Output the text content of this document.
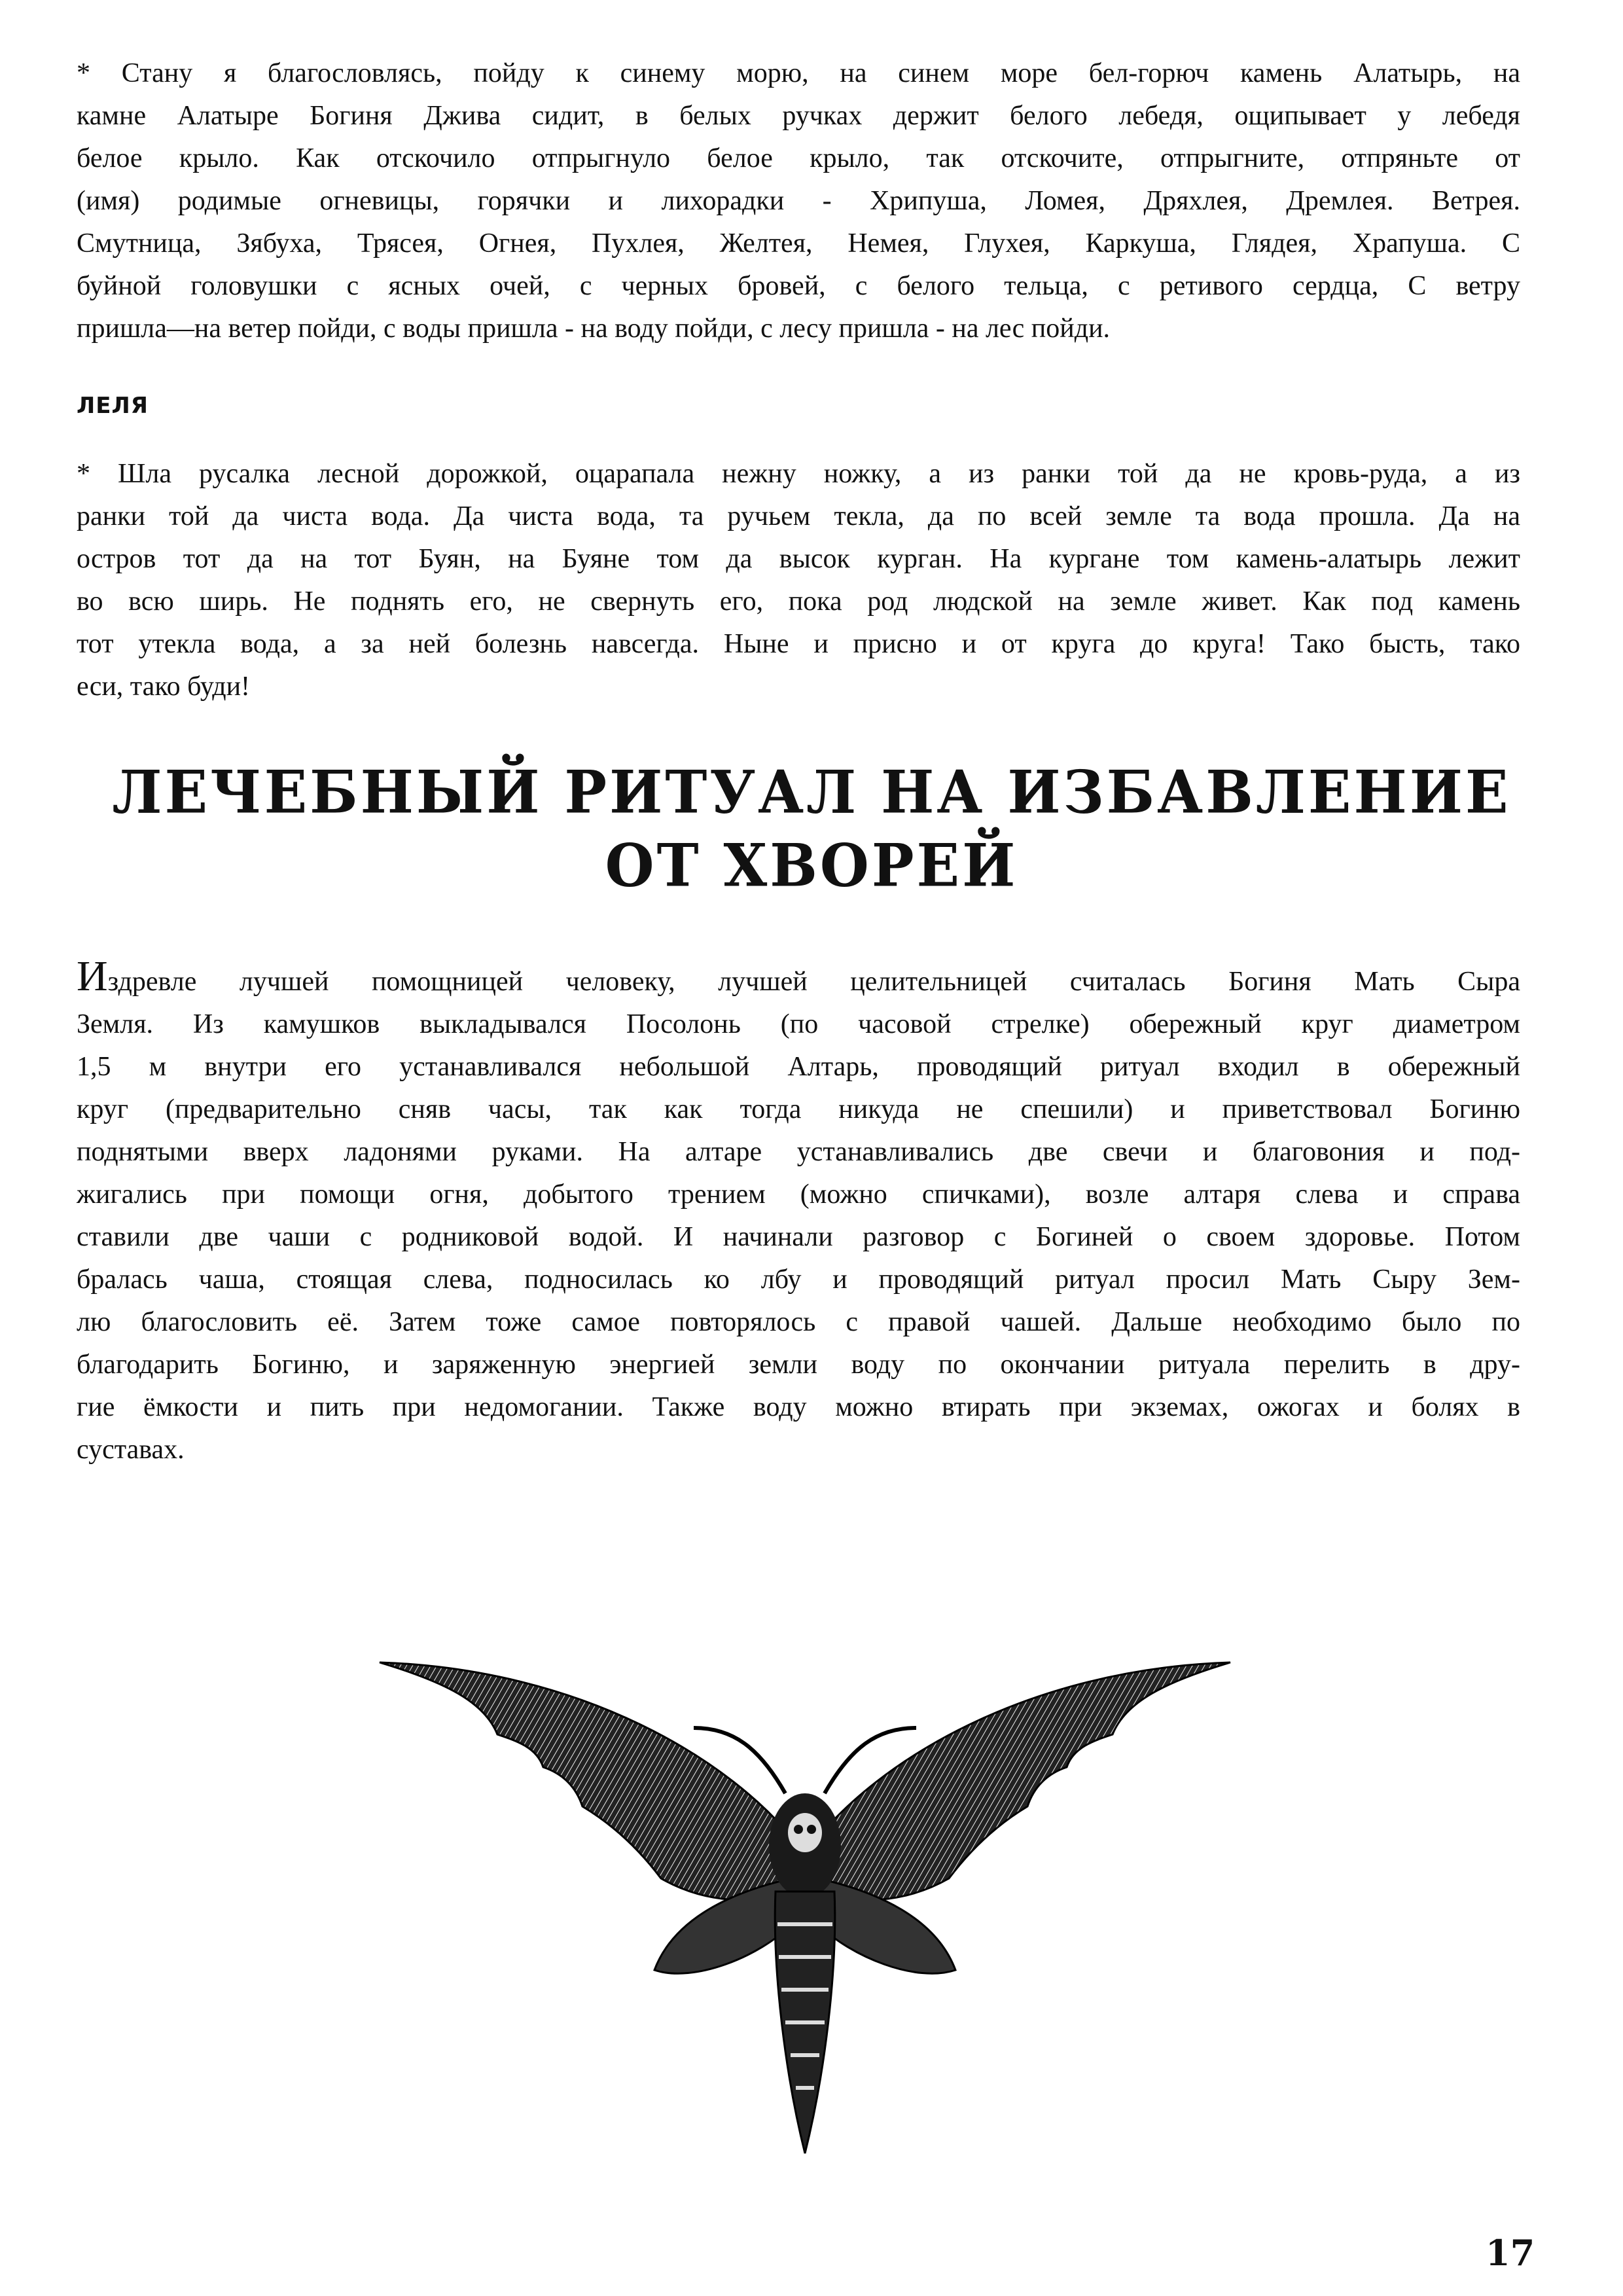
* Стану я благословлясь, пойду к синему морю, на синем море бел-горюч камень Алатырь, на
камне Алатыре Богиня Джива сидит, в белых ручках держит белого лебедя, ощипывает у лебедя
белое крыло. Как отскочило отпрыгнуло белое крыло, так отскочите, отпрыгните, отпряньте от
(имя) родимые огневицы, горячки и лихорадки - Хрипуша, Ломея, Дряхлея, Дремлея. Ветрея.
Смутница, Зябуха, Трясея, Огнея, Пухлея, Желтея, Немея, Глухея, Каркуша, Глядея, Храпуша. С
буйной головушки с ясных очей, с черных бровей, с белого тельца, с ретивого сердца, С ветру
пришла—на ветер пойди, с воды пришла - на воду пойди, с лесу пришла - на лес пойди.
ЛЕЛЯ
* Шла русалка лесной дорожкой, оцарапала нежну ножку, а из ранки той да не кровь-руда, а из
ранки той да чиста вода. Да чиста вода, та ручьем текла, да по всей земле та вода прошла. Да на
остров тот да на тот Буян, на Буяне том да высок курган. На кургане том камень-алатырь лежит
во всю ширь. Не поднять его, не свернуть его, пока род людской на земле живет. Как под камень
тот утекла вода, а за ней болезнь навсегда. Ныне и присно и от круга до круга! Тако бысть, тако
еси, тако буди!
ЛЕЧЕБНЫЙ РИТУАЛ НА ИЗБАВЛЕНИЕ
ОТ ХВОРЕЙ
Издревле лучшей помощницей человеку, лучшей целительницей считалась Богиня Мать Сыра
Земля. Из камушков выкладывался Посолонь (по часовой стрелке) обережный круг диаметром
1,5 м внутри его устанавливался небольшой Алтарь, проводящий ритуал входил в обережный
круг (предварительно сняв часы, так как тогда никуда не спешили) и приветствовал Богиню
поднятыми вверх ладонями руками. На алтаре устанавливались две свечи и благовония и под-
жигались при помощи огня, добытого трением (можно спичками), возле алтаря слева и справа
ставили две чаши с родниковой водой. И начинали разговор с Богиней о своем здоровье. Потом
бралась чаша, стоящая слева, подносилась ко лбу и проводящий ритуал просил Мать Сыру Зем-
лю благословить её. Затем тоже самое повторялось с правой чашей. Дальше необходимо было по
благодарить Богиню, и заряженную энергией земли воду по окончании ритуала перелить в дру-
гие ёмкости и пить при недомогании. Также воду можно втирать при экземах, ожогах и болях в
суставах.
17
